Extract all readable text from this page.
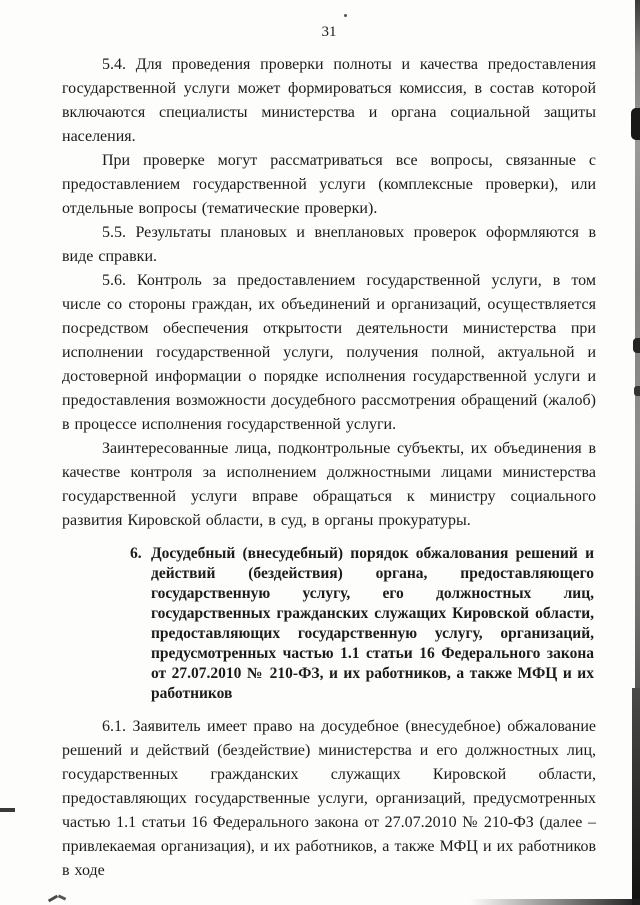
31

5.4. Для проведения проверки полноты и качества предоставления государственной услуги может формироваться комиссия, в состав которой включаются специалисты министерства и органа социальной защиты населения.

При проверке могут рассматриваться все вопросы, связанные с предоставлением государственной услуги (комплексные проверки), или отдельные вопросы (тематические проверки).

5.5. Результаты плановых и внеплановых проверок оформляются в виде справки.

5.6. Контроль за предоставлением государственной услуги, в том числе со стороны граждан, их объединений и организаций, осуществляется посредством обеспечения открытости деятельности министерства при исполнении государственной услуги, получения полной, актуальной и достоверной информации о порядке исполнения государственной услуги и предоставления возможности досудебного рассмотрения обращений (жалоб) в процессе исполнения государственной услуги.

Заинтересованные лица, подконтрольные субъекты, их объединения в качестве контроля за исполнением должностными лицами министерства государственной услуги вправе обращаться к министру социального развития Кировской области, в суд, в органы прокуратуры.

6. Досудебный (внесудебный) порядок обжалования решений и действий (бездействия) органа, предоставляющего государственную услугу, его должностных лиц, государственных гражданских служащих Кировской области, предоставляющих государственную услугу, организаций, предусмотренных частью 1.1 статьи 16 Федерального закона от 27.07.2010 № 210-ФЗ, и их работников, а также МФЦ и их работников

6.1. Заявитель имеет право на досудебное (внесудебное) обжалование решений и действий (бездействие) министерства и его должностных лиц, государственных гражданских служащих Кировской области, предоставляющих государственные услуги, организаций, предусмотренных частью 1.1 статьи 16 Федерального закона от 27.07.2010 № 210-ФЗ (далее – привлекаемая организация), и их работников, а также МФЦ и их работников в ходе
